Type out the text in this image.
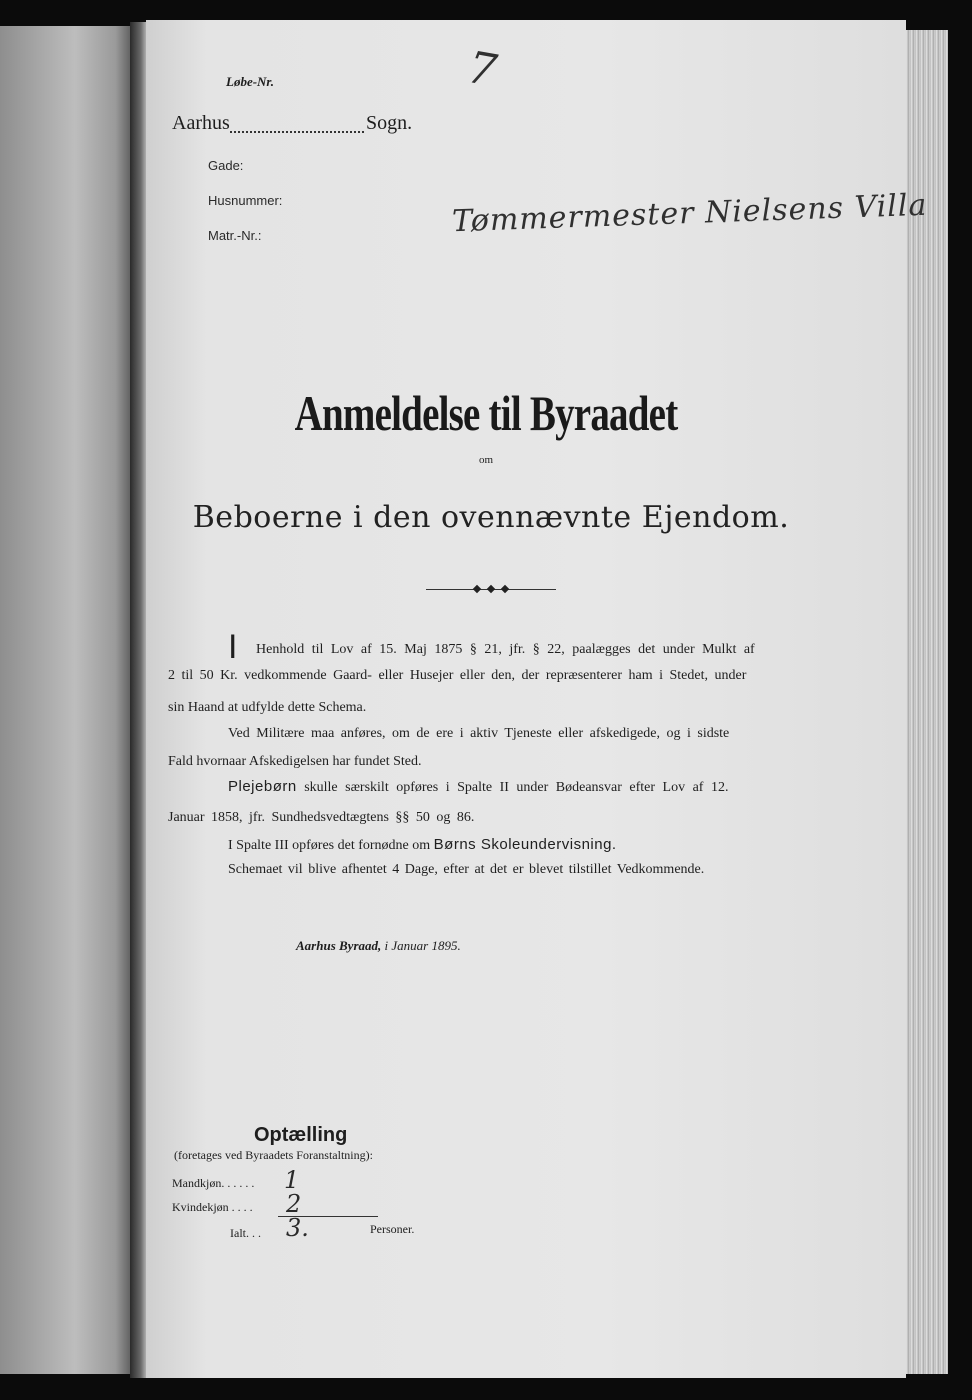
Løbe-Nr.
Aarhus	Sogn.
7
Gade:
Husnummer:
Matr.-Nr.:	Tømmermester Nielsens Villa
Anmeldelse til Byraadet
om
Beboerne i den ovennævnte Ejendom.
I Henhold til Lov af 15. Maj 1875 § 21, jfr. § 22, paalægges det under Mulkt af
2 til 50 Kr. vedkommende Gaard- eller Husejer eller den, der repræsenterer ham i Stedet, under
sin Haand at udfylde dette Schema.
Ved Militære maa anføres, om de ere i aktiv Tjeneste eller afskedigede, og i sidste
Fald hvornaar Afskedigelsen har fundet Sted.
Plejebørn skulle særskilt opføres i Spalte II under Bødeansvar efter Lov af 12.
Januar 1858, jfr. Sundhedsvedtægtens §§ 50 og 86.
I Spalte III opføres det fornødne om Børns Skoleundervisning.
Schemaet vil blive afhentet 4 Dage, efter at det er blevet tilstillet Vedkommende.
Aarhus Byraad, i Januar 1895.
Optælling
(foretages ved Byraadets Foranstaltning):
Mandkjøn. . . . . . 1
Kvindekjøn . . . . 2
Ialt. . . 3.	Personer.
